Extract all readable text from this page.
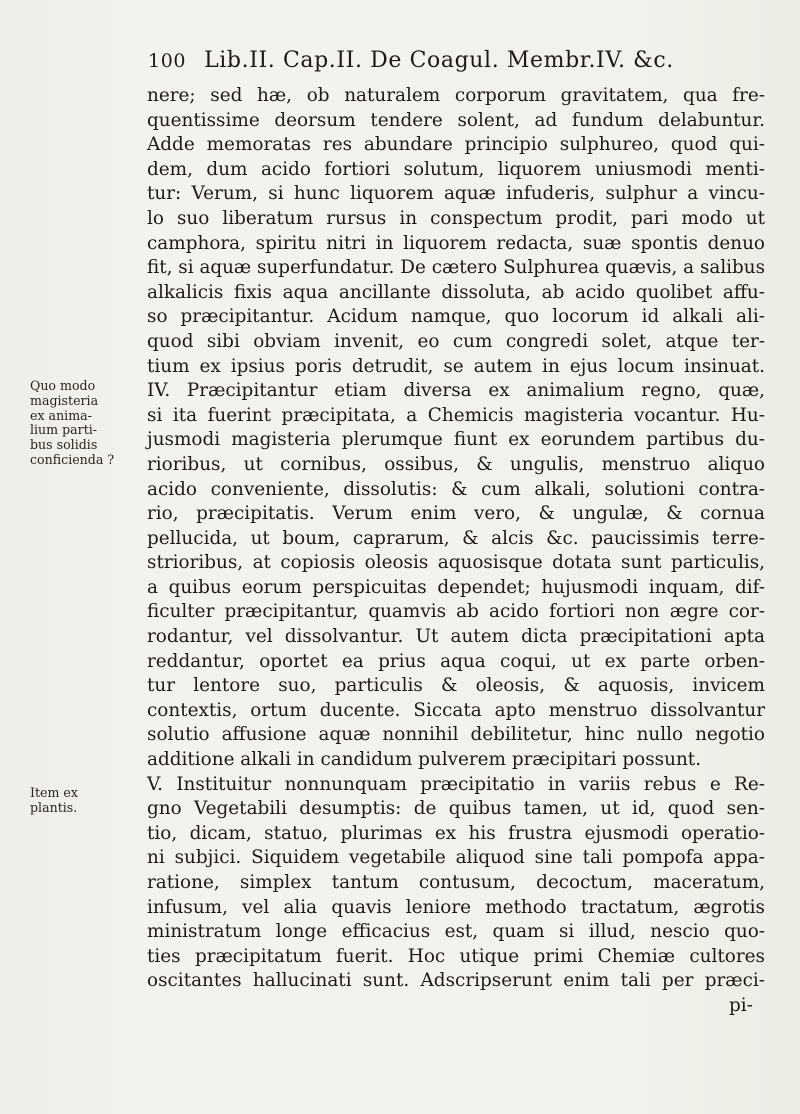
100 Lib.II. Cap.II. De Coagul. Membr.IV. &c.
Quo modo
magisteria
ex anima-
lium parti-
bus solidis
conficienda ?
Item ex
plantis.
nere; sed hæ, ob naturalem corporum gravitatem, qua fre-
quentissime deorsum tendere solent, ad fundum delabuntur.
Adde memoratas res abundare principio sulphureo, quod qui-
dem, dum acido fortiori solutum, liquorem uniusmodi menti-
tur: Verum, si hunc liquorem aquæ infuderis, sulphur a vincu-
lo suo liberatum rursus in conspectum prodit, pari modo ut
camphora, spiritu nitri in liquorem redacta, suæ spontis denuo
fit, si aquæ superfundatur. De cætero Sulphurea quævis, a salibus
alkalicis fixis aqua ancillante dissoluta, ab acido quolibet affu-
so præcipitantur. Acidum namque, quo locorum id alkali ali-
quod sibi obviam invenit, eo cum congredi solet, atque ter-
tium ex ipsius poris detrudit, se autem in ejus locum insinuat.
IV. Præcipitantur etiam diversa ex animalium regno, quæ,
si ita fuerint præcipitata, a Chemicis magisteria vocantur. Hu-
jusmodi magisteria plerumque fiunt ex eorundem partibus du-
rioribus, ut cornibus, ossibus, & ungulis, menstruo aliquo
acido conveniente, dissolutis: & cum alkali, solutioni contra-
rio, præcipitatis. Verum enim vero, & ungulæ, & cornua
pellucida, ut boum, caprarum, & alcis &c. paucissimis terre-
strioribus, at copiosis oleosis aquosisque dotata sunt particulis,
a quibus eorum perspicuitas dependet; hujusmodi inquam, dif-
ficulter præcipitantur, quamvis ab acido fortiori non ægre cor-
rodantur, vel dissolvantur. Ut autem dicta præcipitationi apta
reddantur, oportet ea prius aqua coqui, ut ex parte orben-
tur lentore suo, particulis & oleosis, & aquosis, invicem
contextis, ortum ducente. Siccata apto menstruo dissolvantur
solutio affusione aquæ nonnihil debilitetur, hinc nullo negotio
additione alkali in candidum pulverem præcipitari possunt.
V. Instituitur nonnunquam præcipitatio in variis rebus e Re-
gno Vegetabili desumptis: de quibus tamen, ut id, quod sen-
tio, dicam, statuo, plurimas ex his frustra ejusmodi operatio-
ni subjici. Siquidem vegetabile aliquod sine tali pompofa appa-
ratione, simplex tantum contusum, decoctum, maceratum,
infusum, vel alia quavis leniore methodo tractatum, ægrotis
ministratum longe efficacius est, quam si illud, nescio quo-
ties præcipitatum fuerit. Hoc utique primi Chemiæ cultores
oscitantes hallucinati sunt. Adscripserunt enim tali per præci-
pi-
